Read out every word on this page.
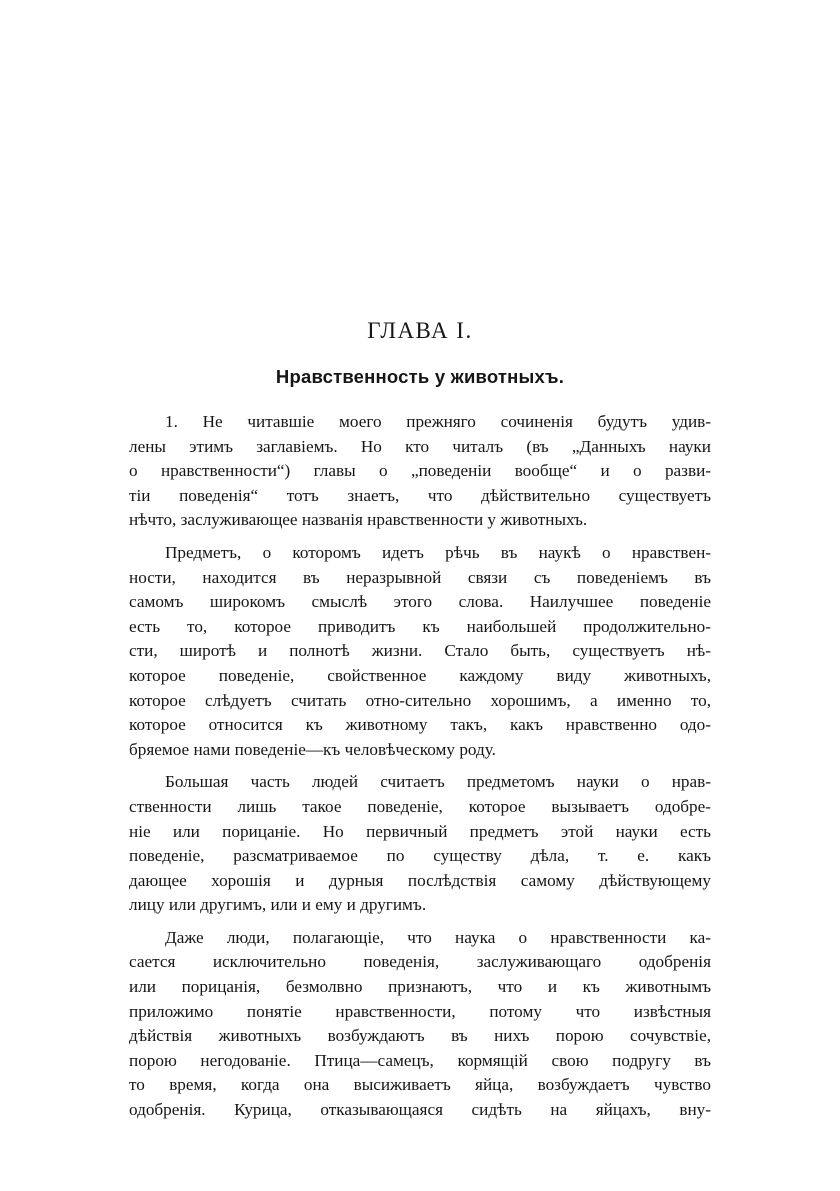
ГЛАВА I.
Нравственность у животныхъ.
1. Не читавшіе моего прежняго сочиненія будутъ удив-
лены этимъ заглавіемъ. Но кто читалъ (въ „Данныхъ науки
о нравственности“) главы о „поведеніи вообще“ и о разви-
тіи поведенія“ тотъ знаетъ, что дѣйствительно существуетъ
нѣчто, заслуживающее названія нравственности у животныхъ.
Предметъ, о которомъ идетъ рѣчь въ наукѣ о нравствен-
ности, находится въ неразрывной связи съ поведеніемъ въ
самомъ широкомъ смыслѣ этого слова. Наилучшее поведеніе
есть то, которое приводитъ къ наибольшей продолжительно-
сти, широтѣ и полнотѣ жизни. Стало быть, существуетъ нѣ-
которое поведеніе, свойственное каждому виду животныхъ,
которое слѣдуетъ считать отно-сительно хорошимъ, а именно то,
которое относится къ животному такъ, какъ нравственно одо-
бряемое нами поведеніе—къ человѣческому роду.
Большая часть людей считаетъ предметомъ науки о нрав-
ственности лишь такое поведеніе, которое вызываетъ одобре-
ніе или порицаніе. Но первичный предметъ этой науки есть
поведеніе, разсматриваемое по существу дѣла, т. е. какъ
дающее хорошія и дурныя послѣдствія самому дѣйствующему
лицу или другимъ, или и ему и другимъ.
Даже люди, полагающіе, что наука о нравственности ка-
сается исключительно поведенія, заслуживающаго одобренія
или порицанія, безмолвно признаютъ, что и къ животнымъ
приложимо понятіе нравственности, потому что извѣстныя
дѣйствія животныхъ возбуждаютъ въ нихъ порою сочувствіе,
порою негодованіе. Птица—самецъ, кормящій свою подругу въ
то время, когда она высиживаетъ яйца, возбуждаетъ чувство
одобренія. Курица, отказывающаяся сидѣть на яйцахъ, вну-
